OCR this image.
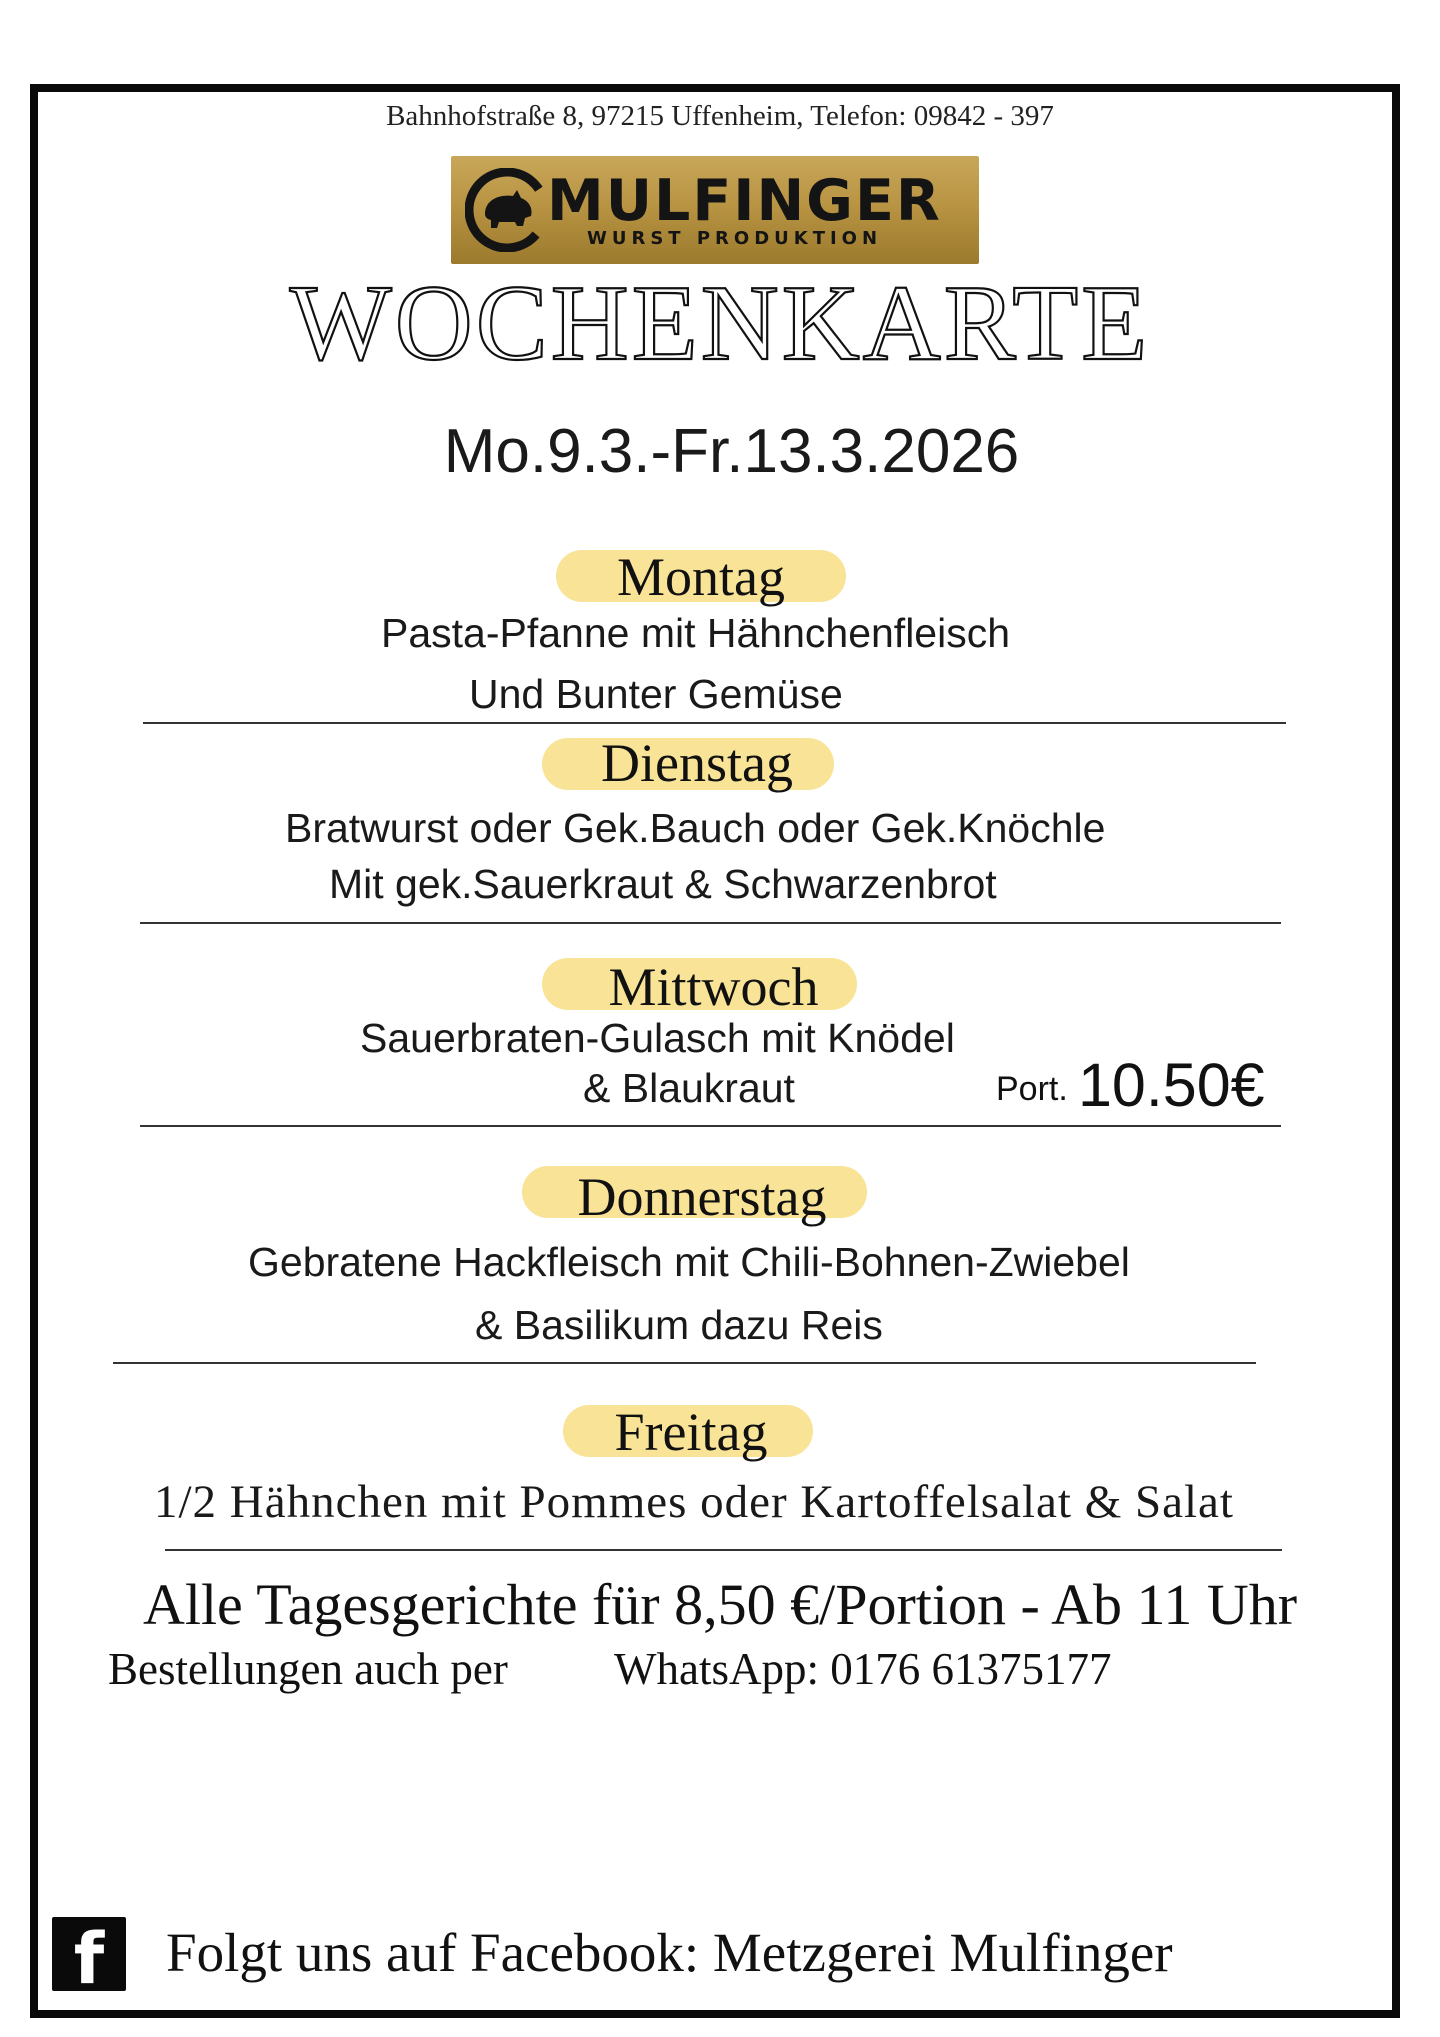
Bahnhofstraße 8, 97215 Uffenheim, Telefon: 09842 - 397
MULFINGER
WURST PRODUKTION
WOCHENKARTE
Mo.9.3.-Fr.13.3.2026
Montag
Pasta-Pfanne mit Hähnchenfleisch
Und Bunter Gemüse
Dienstag
Bratwurst oder Gek.Bauch oder Gek.Knöchle
Mit gek.Sauerkraut & Schwarzenbrot
Mittwoch
Sauerbraten-Gulasch mit Knödel
& Blaukraut	Port. 10.50€
Donnerstag
Gebratene Hackfleisch mit Chili-Bohnen-Zwiebel
& Basilikum dazu Reis
Freitag
1/2 Hähnchen mit Pommes oder Kartoffelsalat & Salat
Alle Tagesgerichte für 8,50 €/Portion - Ab 11 Uhr
Bestellungen auch per WhatsApp: 0176 61375177
f	Folgt uns auf Facebook: Metzgerei Mulfinger
